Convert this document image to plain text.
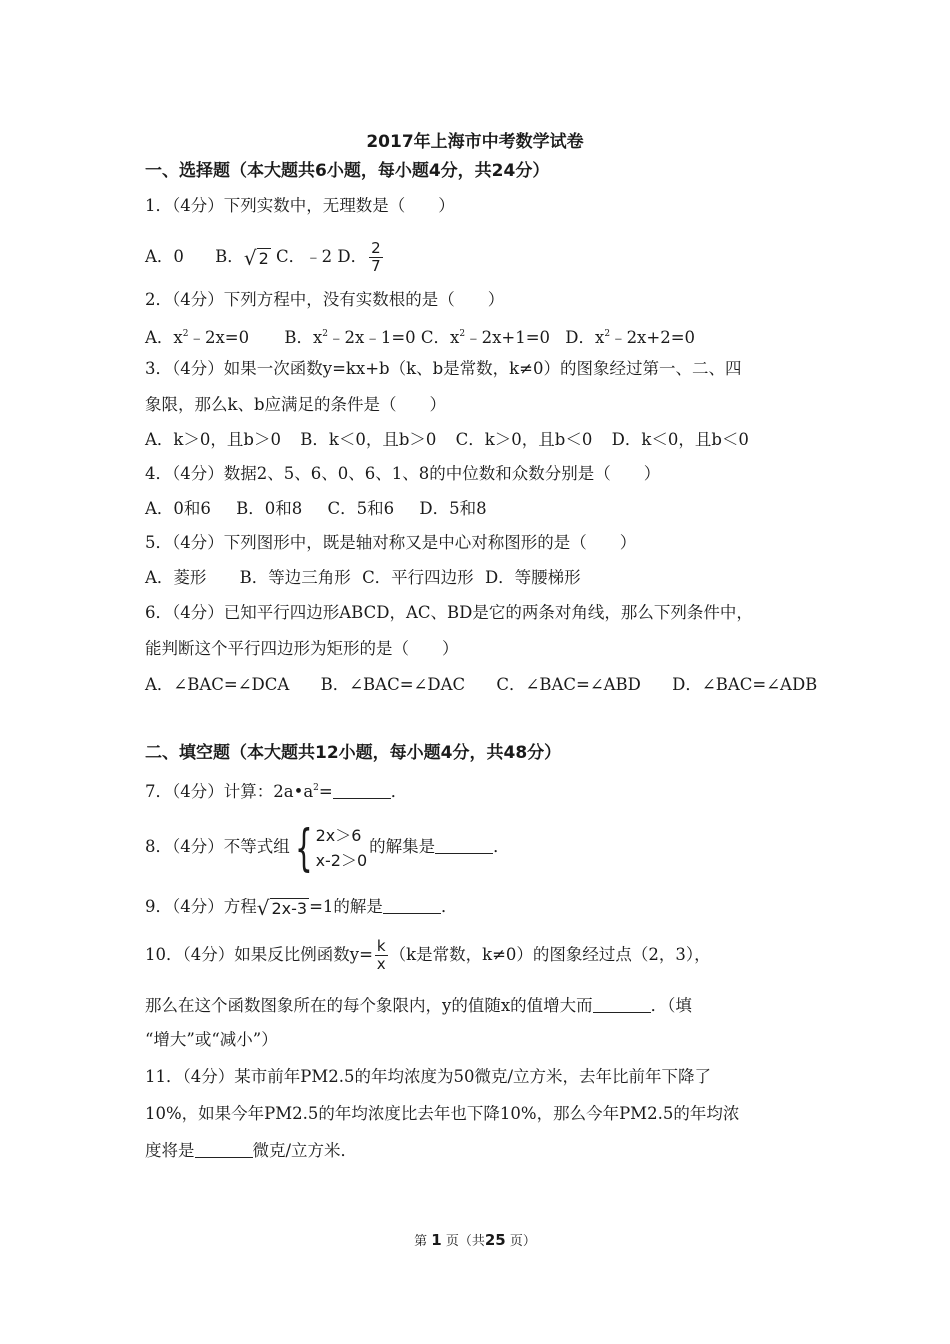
2017年上海市中考数学试卷
一、选择题（本大题共6小题，每小题4分，共24分）
1．（4分）下列实数中，无理数是（　　）
A．0 B． √ 2 C．﹣2 D． $\frac{2}{7}$
2．（4分）下列方程中，没有实数根的是（　　）
A．$x^2﹣2x=0$ B．$x^2﹣2x﹣1=0$ C．$x^2﹣2x+1=0$ D．$x^2﹣2x+2=0$
3．（4分）如果一次函数y=kx+b（k、b是常数，k≠0）的图象经过第一、二、四
象限，那么k、b应满足的条件是（　　）
A．k＞0，且b＞0 B．k＜0，且b＞0 C．k＞0，且b＜0 D．k＜0，且b＜0
4．（4分）数据2、5、6、0、6、1、8的中位数和众数分别是（　　）
A．0和6 B．0和8 C．5和6 D．5和8
5．（4分）下列图形中，既是轴对称又是中心对称图形的是（　　）
A．菱形 B．等边三角形 C．平行四边形 D．等腰梯形
6．（4分）已知平行四边形ABCD，AC、BD是它的两条对角线，那么下列条件中，
能判断这个平行四边形为矩形的是（　　）
A．∠BAC=∠DCA B．∠BAC=∠DAC C．∠BAC=∠ABD D．∠BAC=∠ADB
二、填空题（本大题共12小题，每小题4分，共48分）
7．（4分）计算：$2a•a^2=$	．
8．（4分）不等式组 { 2x＞6
x-2＞0
的解集是	．
9．（4分）方程 √ 2x-3 =1的解是	．
10．（4分）如果反比例函数$y= \frac{k}{x} (k$是常数，k≠0）的图象经过点（2，3），
那么在这个函数图象所在的每个象限内，y的值随x的值增大而	．（填
“增大”或“减小”）
11．（4分）某市前年PM2.5的年均浓度为50微克/立方米，去年比前年下降了
10%，如果今年PM2.5的年均浓度比去年也下降10%，那么今年PM2.5的年均浓
度将是	微克/立方米．
第 1 页（共25 页）
